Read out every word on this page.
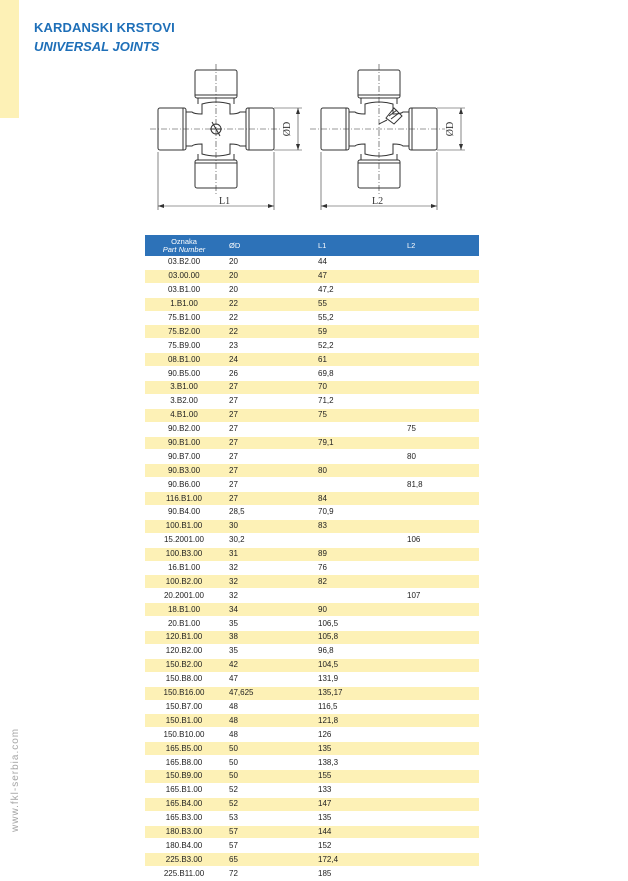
KARDANSKI KRSTOVI
UNIVERSAL JOINTS
L1
ØD
L2
ØD
Oznaka
Part Number	ØD	L1	L2
03.B2.00	20	44	
03.00.00	20	47	
03.B1.00	20	47,2	
1.B1.00	22	55	
75.B1.00	22	55,2	
75.B2.00	22	59	
75.B9.00	23	52,2	
08.B1.00	24	61	
90.B5.00	26	69,8	
3.B1.00	27	70	
3.B2.00	27	71,2	
4.B1.00	27	75	
90.B2.00	27		75
90.B1.00	27	79,1	
90.B7.00	27		80
90.B3.00	27	80	
90.B6.00	27		81,8
116.B1.00	27	84	
90.B4.00	28,5	70,9	
100.B1.00	30	83	
15.2001.00	30,2		106
100.B3.00	31	89	
16.B1.00	32	76	
100.B2.00	32	82	
20.2001.00	32		107
18.B1.00	34	90	
20.B1.00	35	106,5	
120.B1.00	38	105,8	
120.B2.00	35	96,8	
150.B2.00	42	104,5	
150.B8.00	47	131,9	
150.B16.00	47,625	135,17	
150.B7.00	48	116,5	
150.B1.00	48	121,8	
150.B10.00	48	126	
165.B5.00	50	135	
165.B8.00	50	138,3	
150.B9.00	50	155	
165.B1.00	52	133	
165.B4.00	52	147	
165.B3.00	53	135	
180.B3.00	57	144	
180.B4.00	57	152	
225.B3.00	65	172,4	
225.B11.00	72	185	
www.fkl-serbia.com
